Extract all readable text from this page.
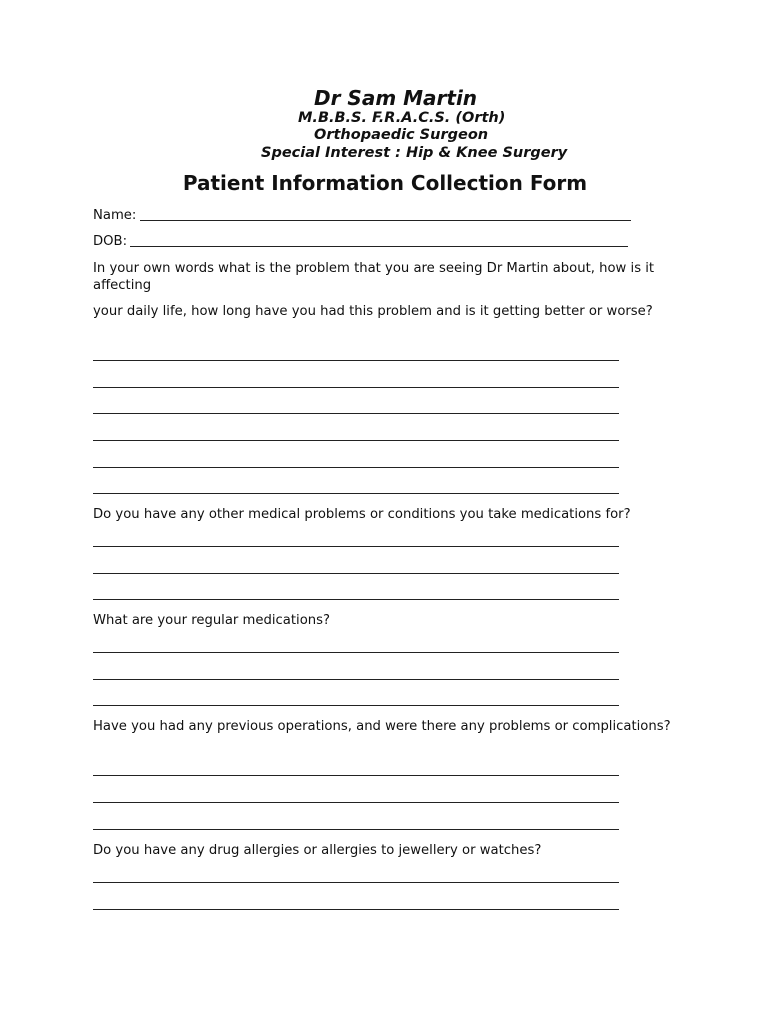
Dr Sam Martin
M.B.B.S. F.R.A.C.S. (Orth)
Orthopaedic Surgeon
Special Interest : Hip & Knee Surgery
Patient Information Collection Form
Name:
DOB:
In your own words what is the problem that you are seeing Dr Martin about, how is it affecting
your daily life, how long have you had this problem and is it getting better or worse?
Do you have any other medical problems or conditions you take medications for?
What are your regular medications?
Have you had any previous operations, and were there any problems or complications?
Do you have any drug allergies or allergies to jewellery or watches?
